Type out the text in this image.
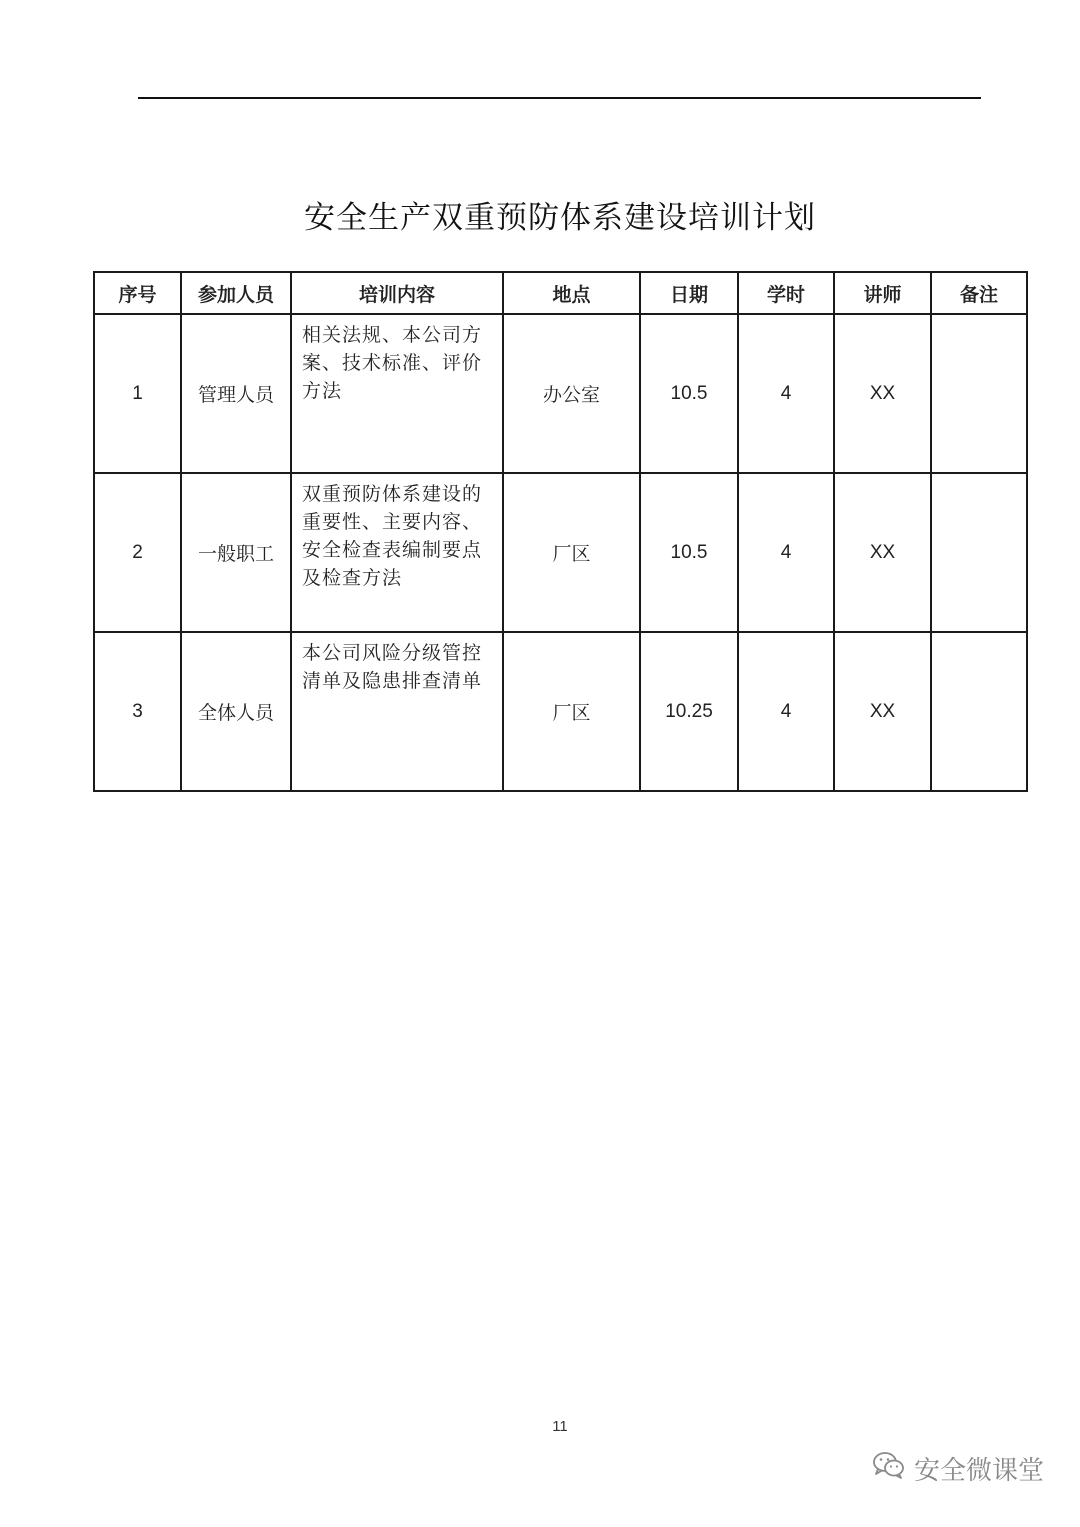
安全生产双重预防体系建设培训计划
序号	参加人员	培训内容	地点	日期	学时	讲师	备注
1	管理人员	相关法规、本公司方案、技术标准、评价方法	办公室	10.5	4	XX	
2	一般职工	双重预防体系建设的重要性、主要内容、安全检查表编制要点及检查方法	厂区	10.5	4	XX	
3	全体人员	本公司风险分级管控清单及隐患排查清单	厂区	10.25	4	XX	
11
安全微课堂
